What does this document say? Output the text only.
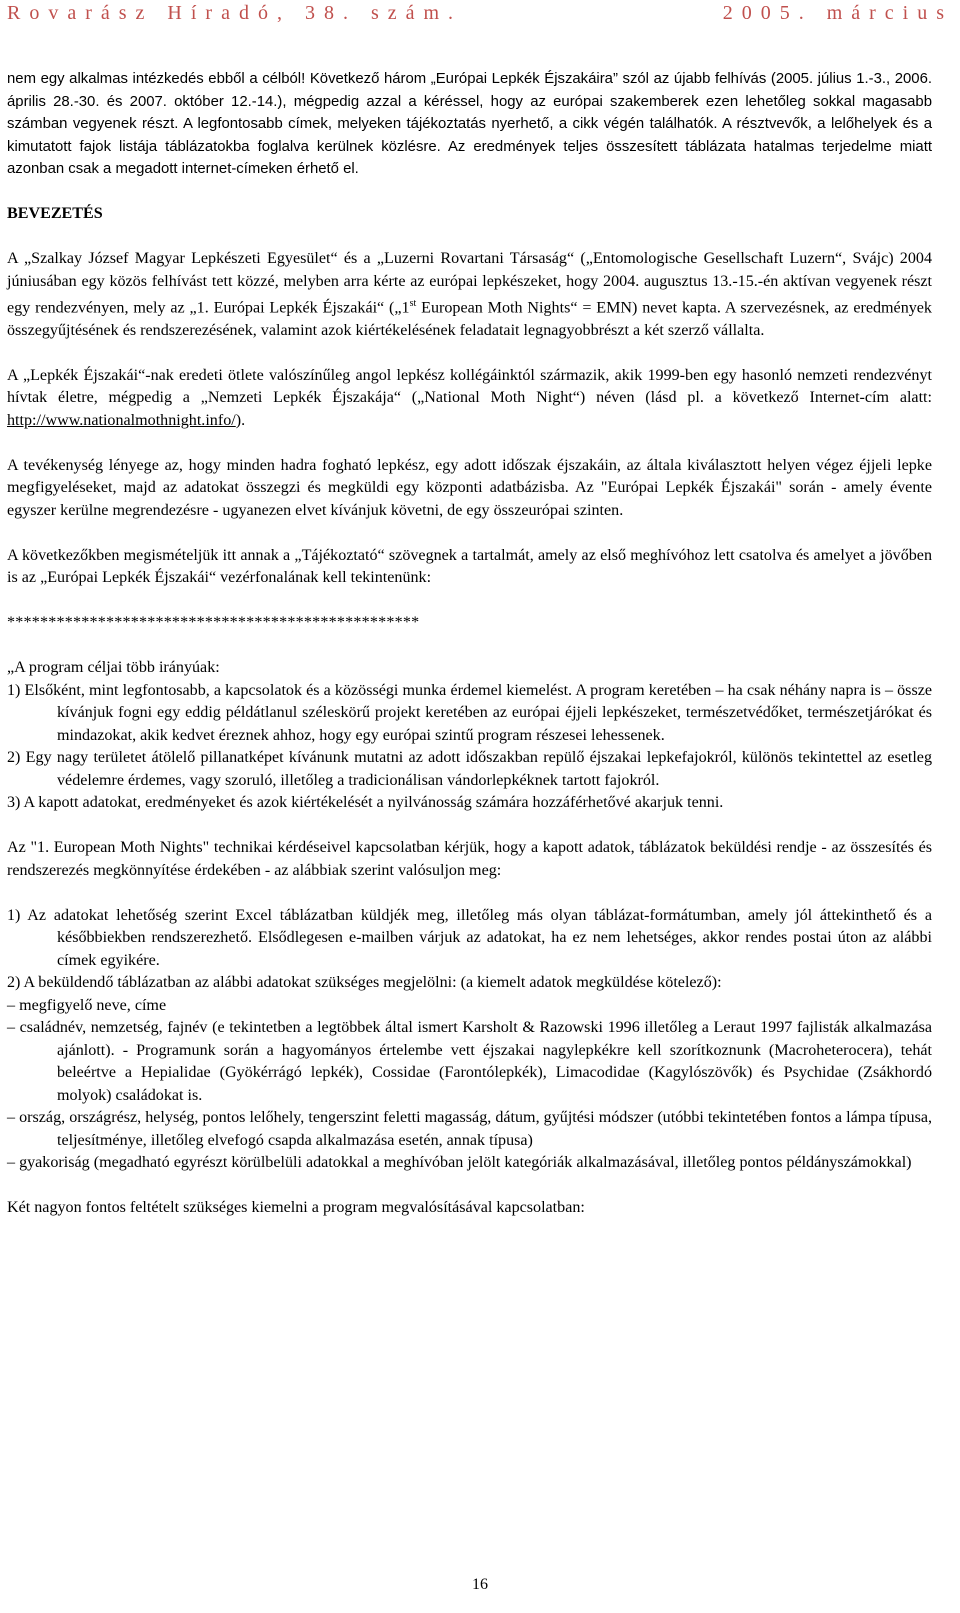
Rovarász Híradó, 38. szám.	2005. március

nem egy alkalmas intézkedés ebből a célból! Következő három „Európai Lepkék Éjszakáira” szól az újabb felhívás (2005. július 1.-3., 2006. április 28.-30. és 2007. október 12.-14.), mégpedig azzal a kéréssel, hogy az európai szakemberek ezen lehetőleg sokkal magasabb számban vegyenek részt. A legfontosabb címek, melyeken tájékoztatás nyerhető, a cikk végén találhatók. A résztvevők, a lelőhelyek és a kimutatott fajok listája táblázatokba foglalva kerülnek közlésre. Az eredmények teljes összesített táblázata hatalmas terjedelme miatt azonban csak a megadott internet-címeken érhető el.

BEVEZETÉS

A „Szalkay József Magyar Lepkészeti Egyesület“ és a „Luzerni Rovartani Társaság“ („Entomologische Gesellschaft Luzern“, Svájc) 2004 júniusában egy közös felhívást tett közzé, melyben arra kérte az európai lepkészeket, hogy 2004. augusztus 13.-15.-én aktívan vegyenek részt egy rendezvényen, mely az „1. Európai Lepkék Éjszakái“ („1st European Moth Nights“ = EMN) nevet kapta. A szervezésnek, az eredmények összegyűjtésének és rendszerezésének, valamint azok kiértékelésének feladatait legnagyobbrészt a két szerző vállalta.

A „Lepkék Éjszakái“-nak eredeti ötlete valószínűleg angol lepkész kollégáinktól származik, akik 1999-ben egy hasonló nemzeti rendezvényt hívtak életre, mégpedig a „Nemzeti Lepkék Éjszakája“ („National Moth Night“) néven (lásd pl. a következő Internet-cím alatt: http://www.nationalmothnight.info/).

A tevékenység lényege az, hogy minden hadra fogható lepkész, egy adott időszak éjszakáin, az általa kiválasztott helyen végez éjjeli lepke megfigyeléseket, majd az adatokat összegzi és megküldi egy központi adatbázisba. Az "Európai Lepkék Éjszakái" során - amely évente egyszer kerülne megrendezésre - ugyanezen elvet kívánjuk követni, de egy összeurópai szinten.

A következőkben megismételjük itt annak a „Tájékoztató“ szövegnek a tartalmát, amely az első meghívóhoz lett csatolva és amelyet a jövőben is az „Európai Lepkék Éjszakái“ vezérfonalának kell tekintenünk:

**************************************************

„A program céljai több irányúak:

1) Elsőként, mint legfontosabb, a kapcsolatok és a közösségi munka érdemel kiemelést. A program keretében – ha csak néhány napra is – össze kívánjuk fogni egy eddig példátlanul széleskörű projekt keretében az európai éjjeli lepkészeket, természetvédőket, természetjárókat és mindazokat, akik kedvet éreznek ahhoz, hogy egy európai szintű program részesei lehessenek.

2) Egy nagy területet átölelő pillanatképet kívánunk mutatni az adott időszakban repülő éjszakai lepkefajokról, különös tekintettel az esetleg védelemre érdemes, vagy szoruló, illetőleg a tradicionálisan vándorlepkéknek tartott fajokról.

3) A kapott adatokat, eredményeket és azok kiértékelését a nyilvánosság számára hozzáférhetővé akarjuk tenni.

Az "1. European Moth Nights" technikai kérdéseivel kapcsolatban kérjük, hogy a kapott adatok, táblázatok beküldési rendje - az összesítés és rendszerezés megkönnyítése érdekében - az alábbiak szerint valósuljon meg:

1) Az adatokat lehetőség szerint Excel táblázatban küldjék meg, illetőleg más olyan táblázat-formátumban, amely jól áttekinthető és a későbbiekben rendszerezhető. Elsődlegesen e-mailben várjuk az adatokat, ha ez nem lehetséges, akkor rendes postai úton az alábbi címek egyikére.

2) A beküldendő táblázatban az alábbi adatokat szükséges megjelölni: (a kiemelt adatok megküldése kötelező):

– megfigyelő neve, címe

– családnév, nemzetség, fajnév (e tekintetben a legtöbbek által ismert Karsholt & Razowski 1996 illetőleg a Leraut 1997 fajlisták alkalmazása ajánlott). - Programunk során a hagyományos értelembe vett éjszakai nagylepkékre kell szorítkoznunk (Macroheterocera), tehát beleértve a Hepialidae (Gyökérrágó lepkék), Cossidae (Farontólepkék), Limacodidae (Kagylószövők) és Psychidae (Zsákhordó molyok) családokat is.

– ország, országrész, helység, pontos lelőhely, tengerszint feletti magasság, dátum, gyűjtési módszer (utóbbi tekintetében fontos a lámpa típusa, teljesítménye, illetőleg elvefogó csapda alkalmazása esetén, annak típusa)

– gyakoriság (megadható egyrészt körülbelüli adatokkal a meghívóban jelölt kategóriák alkalmazásával, illetőleg pontos példányszámokkal)

Két nagyon fontos feltételt szükséges kiemelni a program megvalósításával kapcsolatban:

16
